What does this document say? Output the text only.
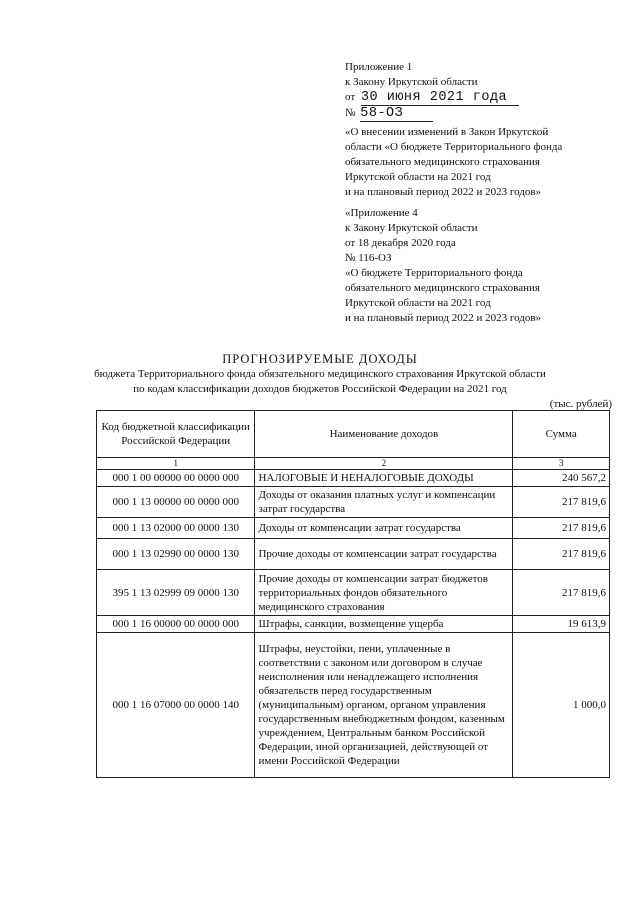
Приложение 1
к Закону Иркутской области
от 30 июня 2021 года
№ 58-ОЗ
«О внесении изменений в Закон Иркутской
области «О бюджете Территориального фонда
обязательного медицинского страхования
Иркутской области на 2021 год
и на плановый период 2022 и 2023 годов»
«Приложение 4
к Закону Иркутской области
от 18 декабря 2020 года
№ 116-ОЗ
«О бюджете Территориального фонда
обязательного медицинского страхования
Иркутской области на 2021 год
и на плановый период 2022 и 2023 годов»
ПРОГНОЗИРУЕМЫЕ ДОХОДЫ
бюджета Территориального фонда обязательного медицинского страхования Иркутской области
по кодам классификации доходов бюджетов Российской Федерации на 2021 год
(тыс. рублей)
Код бюджетной классификации Российской Федерации	Наименование доходов	Сумма
1	2	3
000 1 00 00000 00 0000 000	НАЛОГОВЫЕ И НЕНАЛОГОВЫЕ ДОХОДЫ	240 567,2
000 1 13 00000 00 0000 000	Доходы от оказания платных услуг и компенсации затрат государства	217 819,6
000 1 13 02000 00 0000 130	Доходы от компенсации затрат государства	217 819,6
000 1 13 02990 00 0000 130	Прочие доходы от компенсации затрат государства	217 819,6
395 1 13 02999 09 0000 130	Прочие доходы от компенсации затрат бюджетов территориальных фондов обязательного медицинского страхования	217 819,6
000 1 16 00000 00 0000 000	Штрафы, санкции, возмещение ущерба	19 613,9
000 1 16 07000 00 0000 140	Штрафы, неустойки, пени, уплаченные в соответствии с законом или договором в случае неисполнения или ненадлежащего исполнения обязательств перед государственным (муниципальным) органом, органом управления государственным внебюджетным фондом, казенным учреждением, Центральным банком Российской Федерации, иной организацией, действующей от имени Российской Федерации	1 000,0
